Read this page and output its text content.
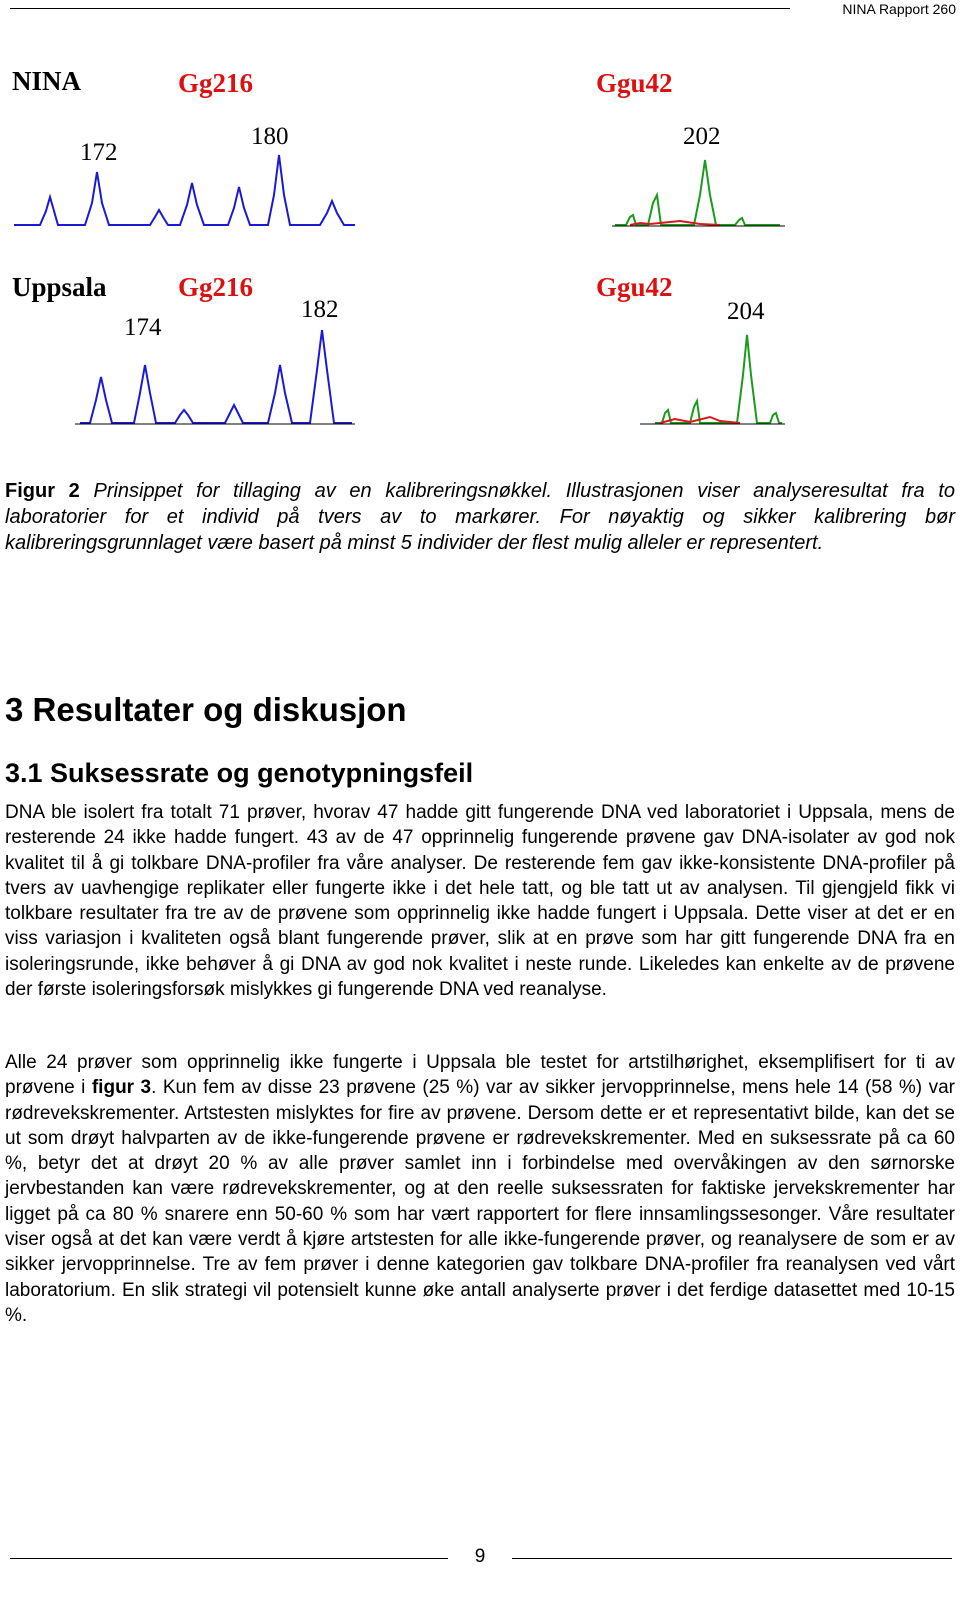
NINA Rapport 260
NINA	Gg216	Ggu42
172
180	202
Uppsala	Gg216	Ggu42
174
182	204

Figur 2 Prinsippet for tillaging av en kalibreringsnøkkel. Illustrasjonen viser analyseresultat fra to laboratorier for et individ på tvers av to markører. For nøyaktig og sikker kalibrering bør kalibreringsgrunnlaget være basert på minst 5 individer der flest mulig alleler er representert.

3 Resultater og diskusjon
3.1 Suksessrate og genotypningsfeil

DNA ble isolert fra totalt 71 prøver, hvorav 47 hadde gitt fungerende DNA ved laboratoriet i Uppsala, mens de resterende 24 ikke hadde fungert. 43 av de 47 opprinnelig fungerende prøvene gav DNA-isolater av god nok kvalitet til å gi tolkbare DNA-profiler fra våre analyser. De resterende fem gav ikke-konsistente DNA-profiler på tvers av uavhengige replikater eller fungerte ikke i det hele tatt, og ble tatt ut av analysen. Til gjengjeld fikk vi tolkbare resultater fra tre av de prøvene som opprinnelig ikke hadde fungert i Uppsala. Dette viser at det er en viss variasjon i kvaliteten også blant fungerende prøver, slik at en prøve som har gitt fungerende DNA fra en isoleringsrunde, ikke behøver å gi DNA av god nok kvalitet i neste runde. Likeledes kan enkelte av de prøvene der første isoleringsforsøk mislykkes gi fungerende DNA ved reanalyse.

Alle 24 prøver som opprinnelig ikke fungerte i Uppsala ble testet for artstilhørighet, eksemplifisert for ti av prøvene i figur 3. Kun fem av disse 23 prøvene (25 %) var av sikker jervopprinnelse, mens hele 14 (58 %) var rødrevekskrementer. Artstesten mislyktes for fire av prøvene. Dersom dette er et representativt bilde, kan det se ut som drøyt halvparten av de ikke-fungerende prøvene er rødrevekskrementer. Med en suksessrate på ca 60 %, betyr det at drøyt 20 % av alle prøver samlet inn i forbindelse med overvåkingen av den sørnorske jervbestanden kan være rødrevekskrementer, og at den reelle suksessraten for faktiske jervekskrementer har ligget på ca 80 % snarere enn 50-60 % som har vært rapportert for flere innsamlingssesonger. Våre resultater viser også at det kan være verdt å kjøre artstesten for alle ikke-fungerende prøver, og reanalysere de som er av sikker jervopprinnelse. Tre av fem prøver i denne kategorien gav tolkbare DNA-profiler fra reanalysen ved vårt laboratorium. En slik strategi vil potensielt kunne øke antall analyserte prøver i det ferdige datasettet med 10-15 %.

9
